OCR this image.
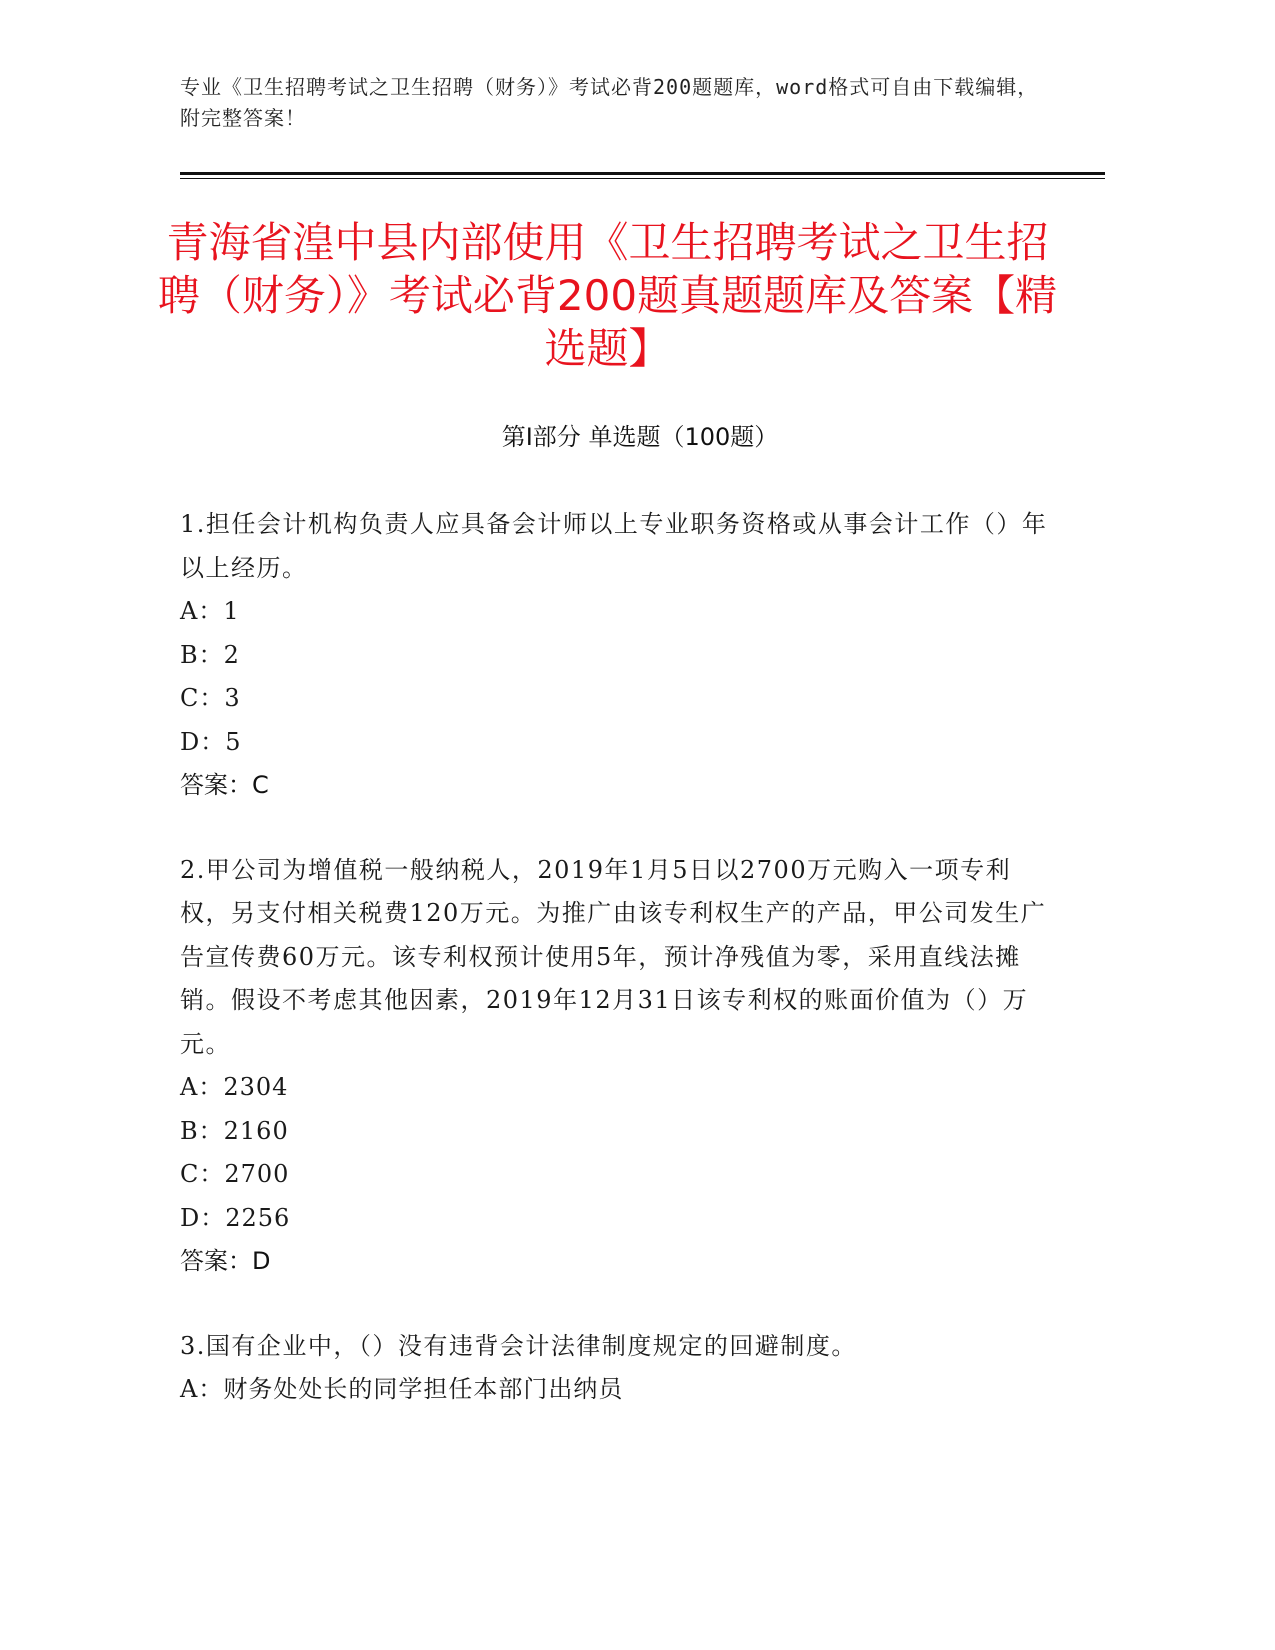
专业《卫生招聘考试之卫生招聘（财务）》考试必背200题题库，word格式可自由下载编辑，附完整答案！
青海省湟中县内部使用《卫生招聘考试之卫生招聘（财务）》考试必背200题真题题库及答案【精选题】
第I部分 单选题（100题）
1.担任会计机构负责人应具备会计师以上专业职务资格或从事会计工作（）年以上经历。
A：1
B：2
C：3
D：5
答案：C
2.甲公司为增值税一般纳税人，2019年1月5日以2700万元购入一项专利权，另支付相关税费120万元。为推广由该专利权生产的产品，甲公司发生广告宣传费60万元。该专利权预计使用5年，预计净残值为零，采用直线法摊销。假设不考虑其他因素，2019年12月31日该专利权的账面价值为（）万元。
A：2304
B：2160
C：2700
D：2256
答案：D
3.国有企业中，（）没有违背会计法律制度规定的回避制度。
A：财务处处长的同学担任本部门出纳员
